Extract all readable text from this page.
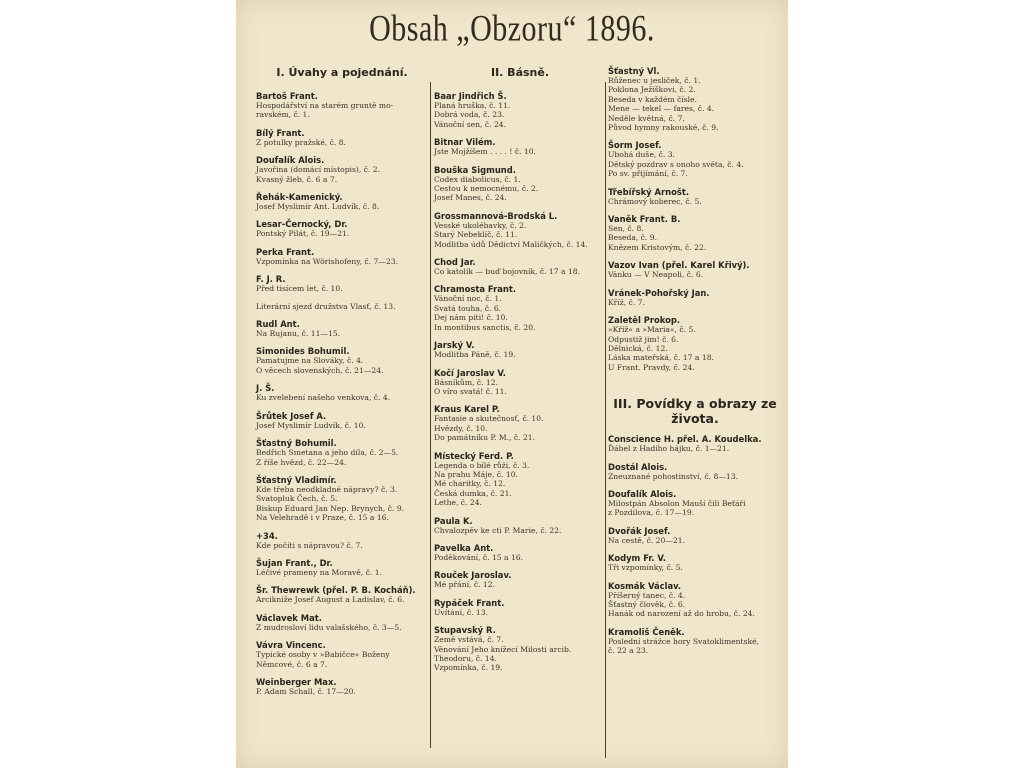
Obsah „Obzoru“ 1896.
I. Úvahy a pojednání.
Bartoš Frant.
Hospodářství na starém gruntě mo-
ravském, č. 1.
Bílý Frant.
Z potulky pražské, č. 8.
Doufalík Alois.
Javořina (domácí místopis), č. 2.
Kvasný žleb, č. 6 a 7.
Řehák-Kamenický.
Josef Myslimír Ant. Ludvík, č. 8.
Lesar-Černocký, Dr.
Pontský Pilát, č. 19—21.
Perka Frant.
Vzpomínka na Wörishofeny, č. 7—23.
F. J. R.
Před tisícem let, č. 10.
Literární sjezd družstva Vlasť, č. 13.
Rudl Ant.
Na Rujanu, č. 11—15.
Simonides Bohumil.
Pamatujme na Slováky, č. 4.
O věcech slovenských, č. 21—24.
J. Š.
Ku zvelebení našeho venkova, č. 4.
Šrůtek Josef A.
Josef Myslimír Ludvík, č. 10.
Šťastný Bohumil.
Bedřich Smetana a jeho díla, č. 2—5.
Z říše hvězd, č. 22—24.
Šťastný Vladimír.
Kde třeba neodkladné nápravy? č. 3.
Svatopluk Čech, č. 5.
Biskup Eduard Jan Nep. Brynych, č. 9.
Na Velehradě i v Praze, č. 15 a 16.
+34.
Kde počíti s nápravou? č. 7.
Šujan Frant., Dr.
Léčivé prameny na Moravě, č. 1.
Šr. Thewrewk (přel. P. B. Kocháň).
Arcikníže Josef August a Ladislav, č. 6.
Václavek Mat.
Z mudrosloví lidu valašského, č. 3—5.
Vávra Vincenc.
Typické osoby v »Babičce« Boženy
Němcové, č. 6 a 7.
Weinberger Max.
P. Adam Schall, č. 17—20.
II. Básně.
Baar Jindřich Š.
Planá hruška, č. 11.
Dobrá voda, č. 23.
Vánoční sen, č. 24.
Bitnar Vilém.
Jste Mojžíšem . . . . ! č. 10.
Bouška Sigmund.
Codex diabolicus, č. 1.
Cestou k nemocnému, č. 2.
Josef Manes, č. 24.
Grossmannová-Brodská L.
Vesské ukolébavky, č. 2.
Starý Nebeklíč, č. 11.
Modlitba údů Dědictví Maličkých, č. 14.
Chod Jar.
Co katolík — buď bojovník, č. 17 a 18.
Chramosta Frant.
Vánoční noc, č. 1.
Svatá touha, č. 6.
Dej nám píti! č. 10.
In montibus sanctis, č. 20.
Jarský V.
Modlitba Páně, č. 19.
Kočí Jaroslav V.
Básníkům, č. 12.
O víro svatá! č. 11.
Kraus Karel P.
Fantasie a skutečnosť, č. 10.
Hvězdy, č. 10.
Do památníku P. M., č. 21.
Místecký Ferd. P.
Legenda o bílé růži, č. 3.
Na prahu Máje, č. 10.
Mé charitky, č. 12.
Česká dumka, č. 21.
Lethe, č. 24.
Paula K.
Chvalozpěv ke cti P. Marie, č. 22.
Pavelka Ant.
Poděkování, č. 15 a 16.
Rouček Jaroslav.
Mé přání, č. 12.
Rypáček Frant.
Uvítání, č. 13.
Stupavský R.
Země vstává, č. 7.
Věnování Jeho knížecí Milosti arcib.
Theodoru, č. 14.
Vzpomínka, č. 19.
Šťastný Vl.
Růženec u jesliček, č. 1.
Poklona Ježíškovi, č. 2.
Beseda v každém čísle.
Mene — tekel — fares, č. 4.
Neděle květná, č. 7.
Původ hymny rakouské, č. 9.
Šorm Josef.
Ubohá duše, č. 3.
Dětský pozdrav s onoho světa, č. 4.
Po sv. přijímání, č. 7.
Třebířský Arnošt.
Chrámový koberec, č. 5.
Vaněk Frant. B.
Sen, č. 8.
Beseda, č. 9.
Knězem Kristovým, č. 22.
Vazov Ivan (přel. Karel Křivý).
Vánku — V Neapoli, č. 6.
Vránek-Pohořský Jan.
Kříž, č. 7.
Zaletěl Prokop.
»Kříž« a »Maria«, č. 5.
Odpustiž jim! č. 6.
Dělnická, č. 12.
Láska mateřská, č. 17 a 18.
U Frant. Pravdy, č. 24.
III. Povídky a obrazy ze života.
Conscience H. přel. A. Koudelka.
Ďábel z Hadího hájku, č. 1—21.
Dostál Alois.
Zneuznané pohostinství, č. 8—13.
Doufalík Alois.
Milostpán Absolon Mauší čili Beťáři
z Pozdilova, č. 17—19.
Dvořák Josef.
Na cestě, č. 20—21.
Kodym Fr. V.
Tři vzpomínky, č. 5.
Kosmák Václav.
Příšerný tanec, č. 4.
Šťastný člověk, č. 6.
Hanák od narození až do hrobu, č. 24.
Kramoliš Čeněk.
Poslední strážce hory Svatoklimentské,
č. 22 a 23.
